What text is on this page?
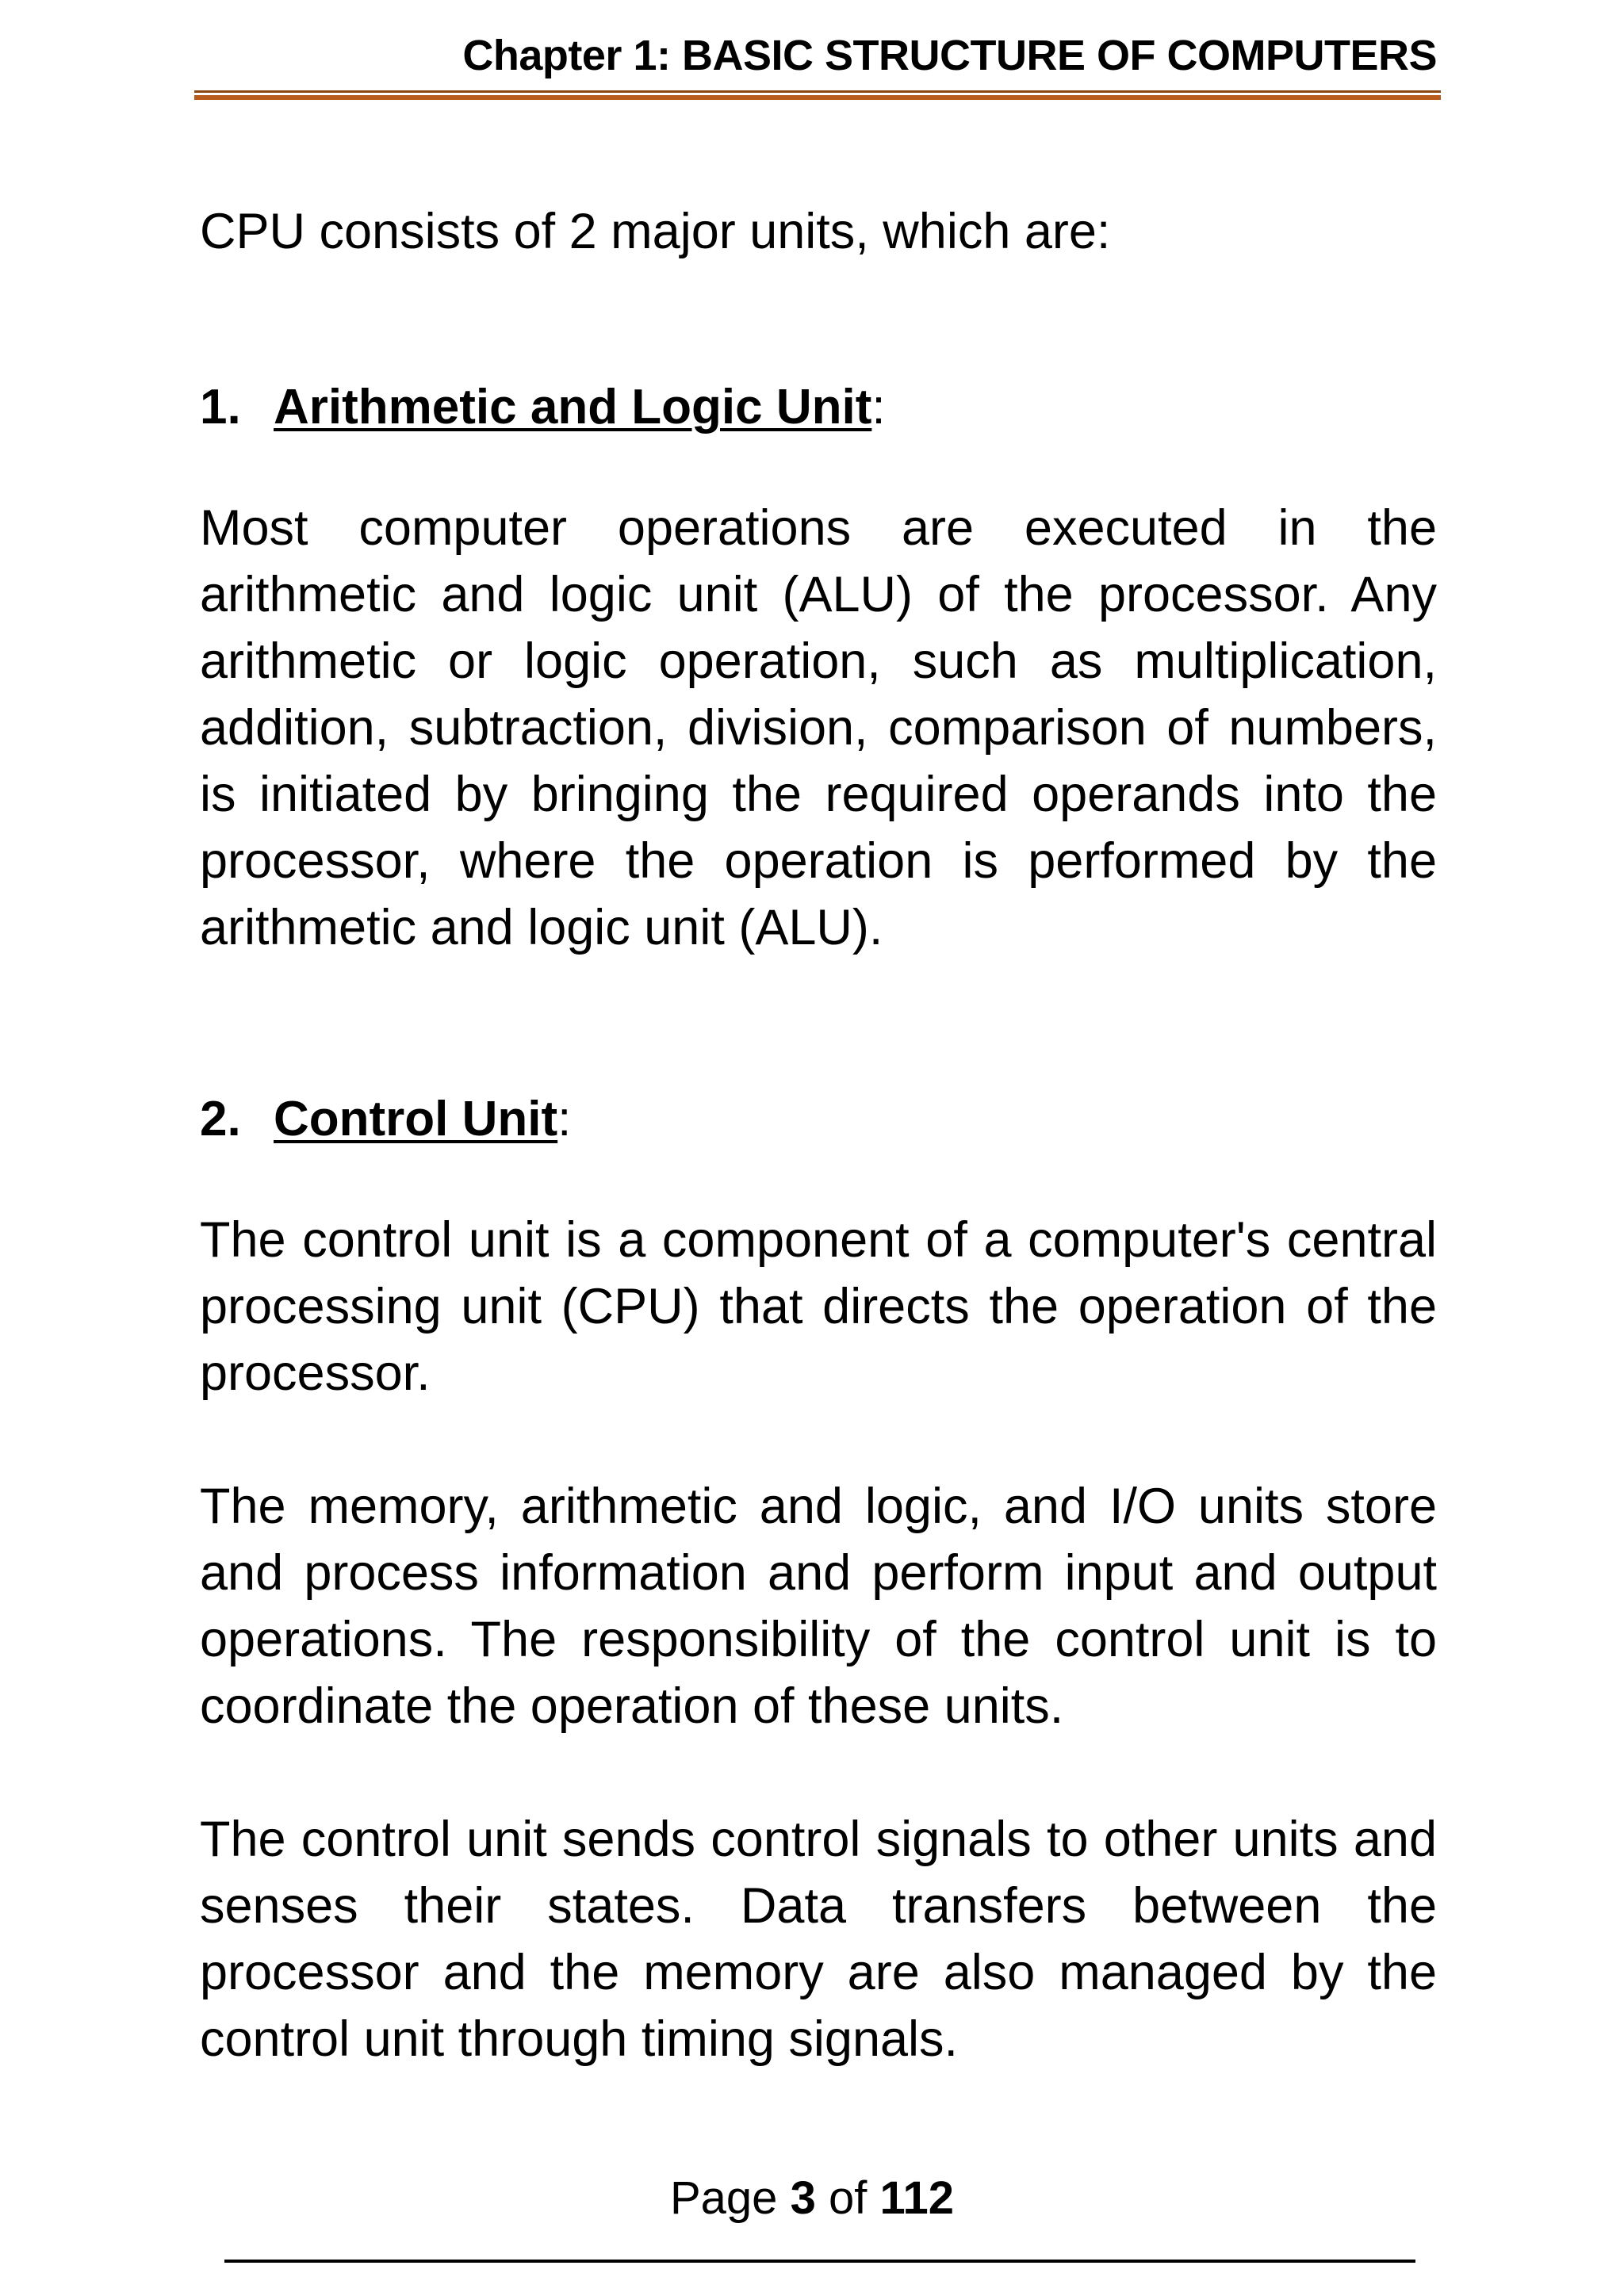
Chapter 1: BASIC STRUCTURE OF COMPUTERS

CPU consists of 2 major units, which are:

1. Arithmetic and Logic Unit:

Most computer operations are executed in the arithmetic and logic unit (ALU) of the processor. Any arithmetic or logic operation, such as multiplication, addition, subtraction, division, comparison of numbers, is initiated by bringing the required operands into the processor, where the operation is performed by the arithmetic and logic unit (ALU).

2. Control Unit:

The control unit is a component of a computer's central processing unit (CPU) that directs the operation of the processor.

The memory, arithmetic and logic, and I/O units store and process information and perform input and output operations. The responsibility of the control unit is to coordinate the operation of these units.

The control unit sends control signals to other units and senses their states. Data transfers between the processor and the memory are also managed by the control unit through timing signals.

Page 3 of 112
